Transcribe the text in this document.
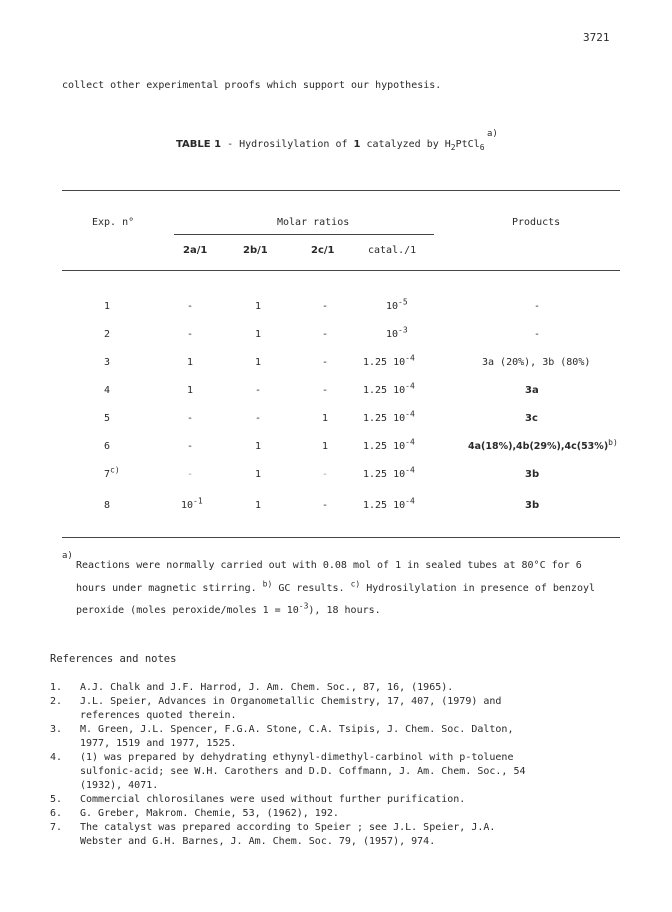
3721
collect other experimental proofs which support our hypothesis.
TABLE 1 - Hydrosilylation of 1 catalyzed by $H_2PtCl_6$
a)
Exp. n°	Molar ratios	Products
2a/1	2b/1	2c/1	catal./1
1	-	1	-	$10^{-5}$	-
2	-	1	-	$10^{-3}$	-
3	1	1	-	1.25 $10^{-4}$	3a (20%), 3b (80%)
4	1	-	-	1.25 $10^{-4}$	3a
5	-	-	1	1.25 $10^{-4}$	3c
6	-	1	1	1.25 $10^{-4}$	$4a(18\%),4b(29\%),4c(53\%)^{b)}$
7$^{c)}$	-	1	-	1.25 $10^{-4}$	3b
8	$10^{-1}$	1	-	1.25 $10^{-4}$	3b
a)
Reactions were normally carried out with 0.08 mol of 1 in sealed tubes at 80°C for 6
hours under magnetic stirring. $^{b)}$ GC results. $^{c)}$ Hydrosilylation in presence of benzoyl
peroxide (moles peroxide/moles $1 = 10^{-3}$), 18 hours.
References and notes
1. A.J. Chalk and J.F. Harrod, J. Am. Chem. Soc., 87, 16, (1965).
2. J.L. Speier, Advances in Organometallic Chemistry, 17, 407, (1979) and
references quoted therein.
3. M. Green, J.L. Spencer, F.G.A. Stone, C.A. Tsipis, J. Chem. Soc. Dalton,
1977, 1519 and 1977, 1525.
4. (1) was prepared by dehydrating ethynyl-dimethyl-carbinol with p-toluene
sulfonic-acid; see W.H. Carothers and D.D. Coffmann, J. Am. Chem. Soc., 54
(1932), 4071.
5. Commercial chlorosilanes were used without further purification.
6. G. Greber, Makrom. Chemie, 53, (1962), 192.
7. The catalyst was prepared according to Speier ; see J.L. Speier, J.A.
Webster and G.H. Barnes, J. Am. Chem. Soc. 79, (1957), 974.
